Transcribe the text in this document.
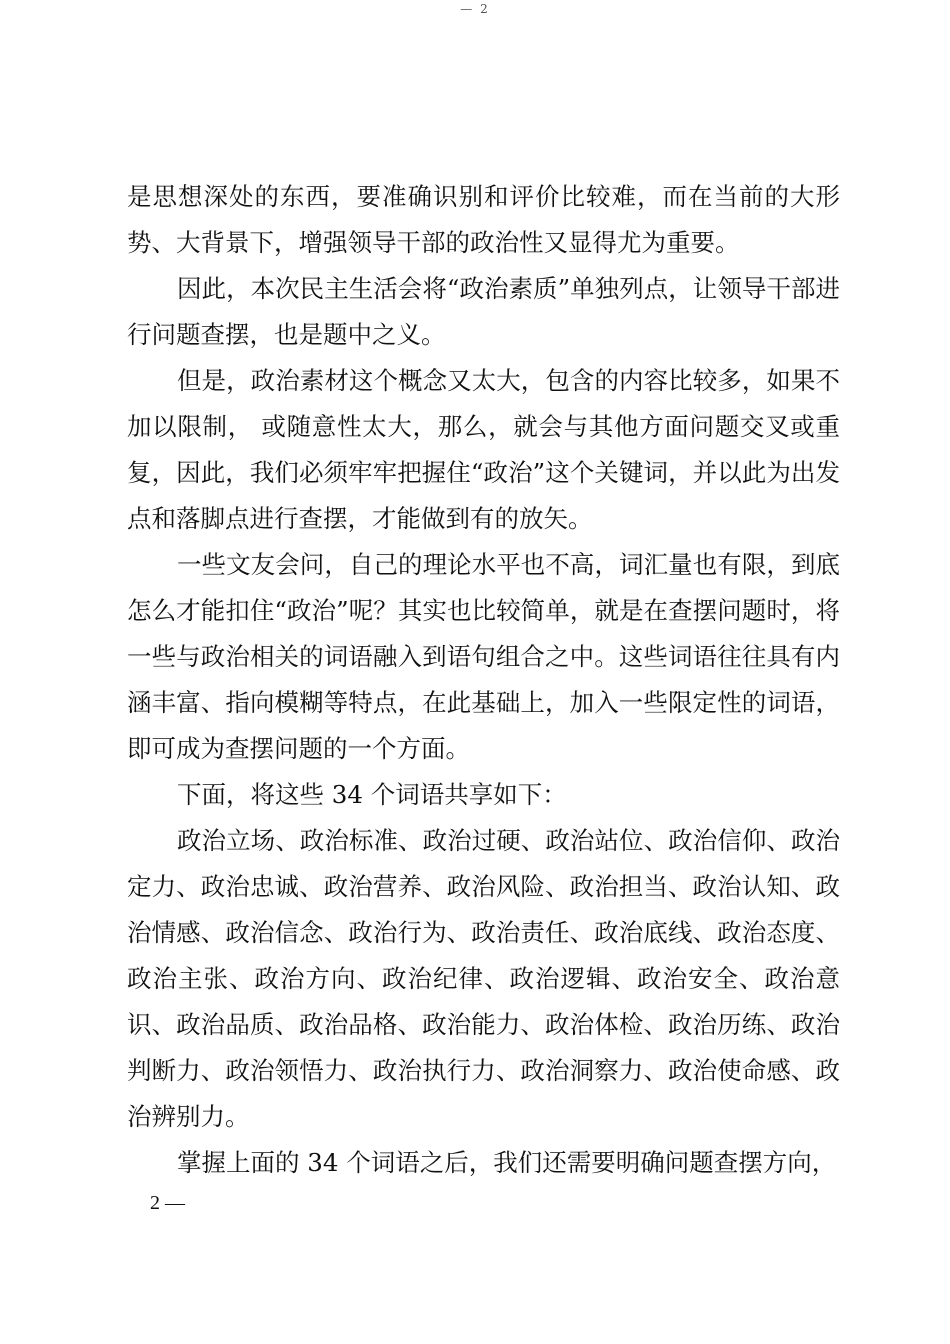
— 2

是思想深处的东西，要准确识别和评价比较难，而在当前的大形势、大背景下，增强领导干部的政治性又显得尤为重要。

因此，本次民主生活会将“政治素质”单独列点，让领导干部进行问题查摆，也是题中之义。

但是，政治素材这个概念又太大，包含的内容比较多，如果不加以限制， 或随意性太大，那么，就会与其他方面问题交叉或重复，因此，我们必须牢牢把握住“政治”这个关键词，并以此为出发点和落脚点进行查摆，才能做到有的放矢。

一些文友会问，自己的理论水平也不高，词汇量也有限，到底怎么才能扣住“政治”呢？其实也比较简单，就是在查摆问题时，将一些与政治相关的词语融入到语句组合之中。这些词语往往具有内涵丰富、指向模糊等特点，在此基础上，加入一些限定性的词语，即可成为查摆问题的一个方面。

下面，将这些 34 个词语共享如下：

政治立场、政治标准、政治过硬、政治站位、政治信仰、政治定力、政治忠诚、政治营养、政治风险、政治担当、政治认知、政治情感、政治信念、政治行为、政治责任、政治底线、政治态度、政治主张、政治方向、政治纪律、政治逻辑、政治安全、政治意识、政治品质、政治品格、政治能力、政治体检、政治历练、政治判断力、政治领悟力、政治执行力、政治洞察力、政治使命感、政治辨别力。

掌握上面的 34 个词语之后，我们还需要明确问题查摆方向，

2 —
